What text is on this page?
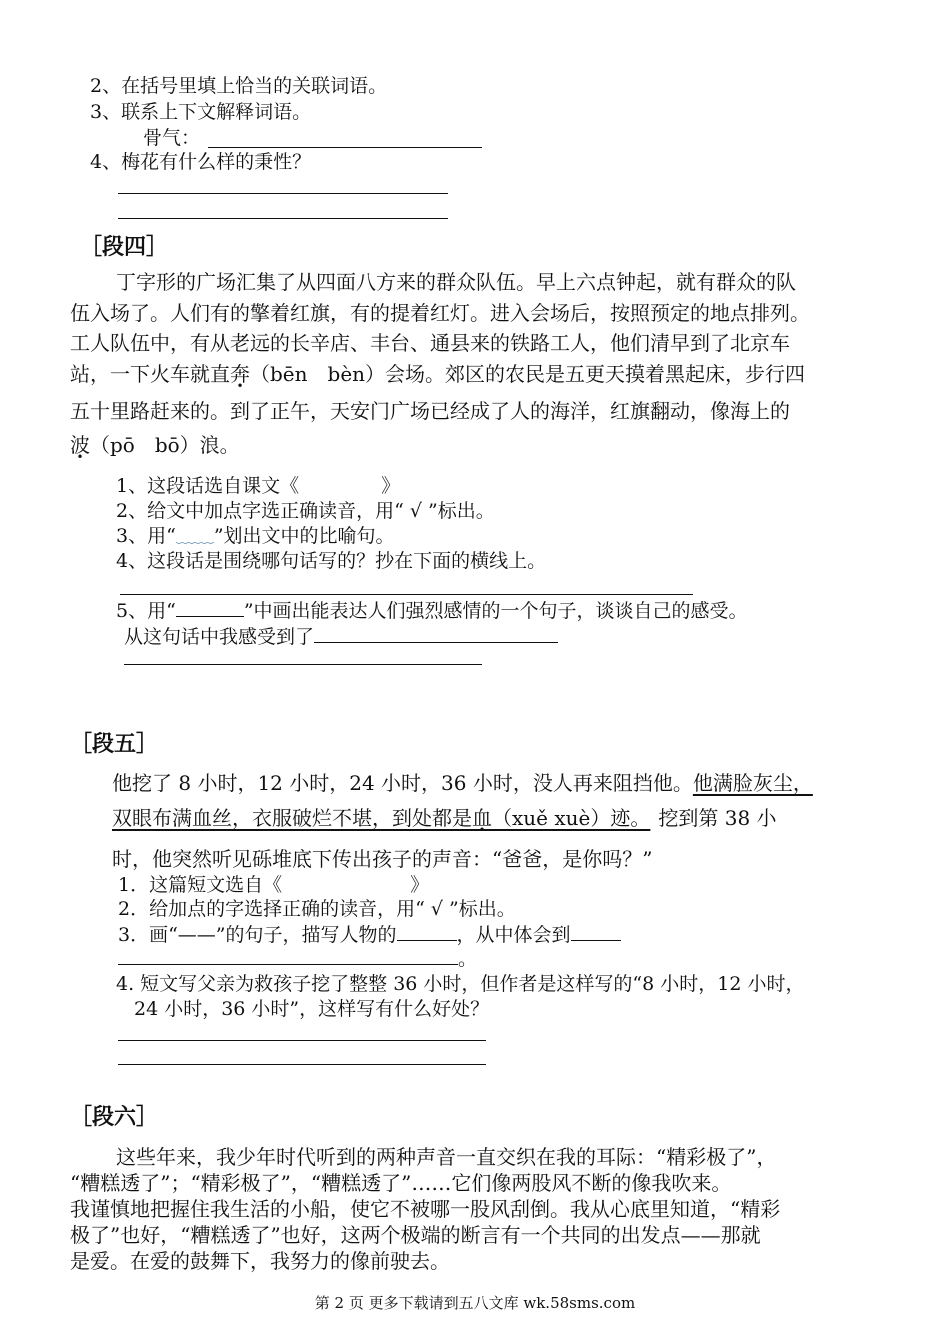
2、在括号里填上恰当的关联词语。
3、联系上下文解释词语。
骨气：
4、梅花有什么样的秉性？
［段四］
丁字形的广场汇集了从四面八方来的群众队伍。早上六点钟起，就有群众的队
伍入场了。人们有的擎着红旗，有的提着红灯。进入会场后，按照预定的地点排列。
工人队伍中，有从老远的长辛店、丰台、通县来的铁路工人，他们清早到了北京车
站，一下火车就直奔（bēn　bèn）会场。郊区的农民是五更天摸着黑起床，步行四
五十里路赶来的。到了正午，天安门广场已经成了人的海洋，红旗翻动，像海上的
波（pō　bō）浪。
1、这段话选自课文《	》
2、给文中加点字选正确读音，用“ √ ”标出。
3、用“﹏﹏”划出文中的比喻句。
4、这段话是围绕哪句话写的？抄在下面的横线上。
5、用“	”中画出能表达人们强烈感情的一个句子，谈谈自己的感受。
从这句话中我感受到了
［段五］
他挖了 8 小时，12 小时，24 小时，36 小时，没人再来阻挡他。他满脸灰尘，
双眼布满血丝，衣服破烂不堪，到处都是血（xuě xuè）迹。 挖到第 38 小
时，他突然听见砾堆底下传出孩子的声音：“爸爸，是你吗？”
1．这篇短文选自《	》
2．给加点的字选择正确的读音，用“ √ ”标出。
3．画“——”的句子，描写人物的	，从中体会到
。
4. 短文写父亲为救孩子挖了整整 36 小时，但作者是这样写的“8 小时，12 小时，
24 小时，36 小时”，这样写有什么好处？
［段六］
这些年来，我少年时代听到的两种声音一直交织在我的耳际：“精彩极了”，
“糟糕透了”；“精彩极了”，“糟糕透了”……它们像两股风不断的像我吹来。
我谨慎地把握住我生活的小船，使它不被哪一股风刮倒。我从心底里知道，“精彩
极了”也好，“糟糕透了”也好，这两个极端的断言有一个共同的出发点——那就
是爱。在爱的鼓舞下，我努力的像前驶去。
第 2 页 更多下载请到五八文库 wk.58sms.com
